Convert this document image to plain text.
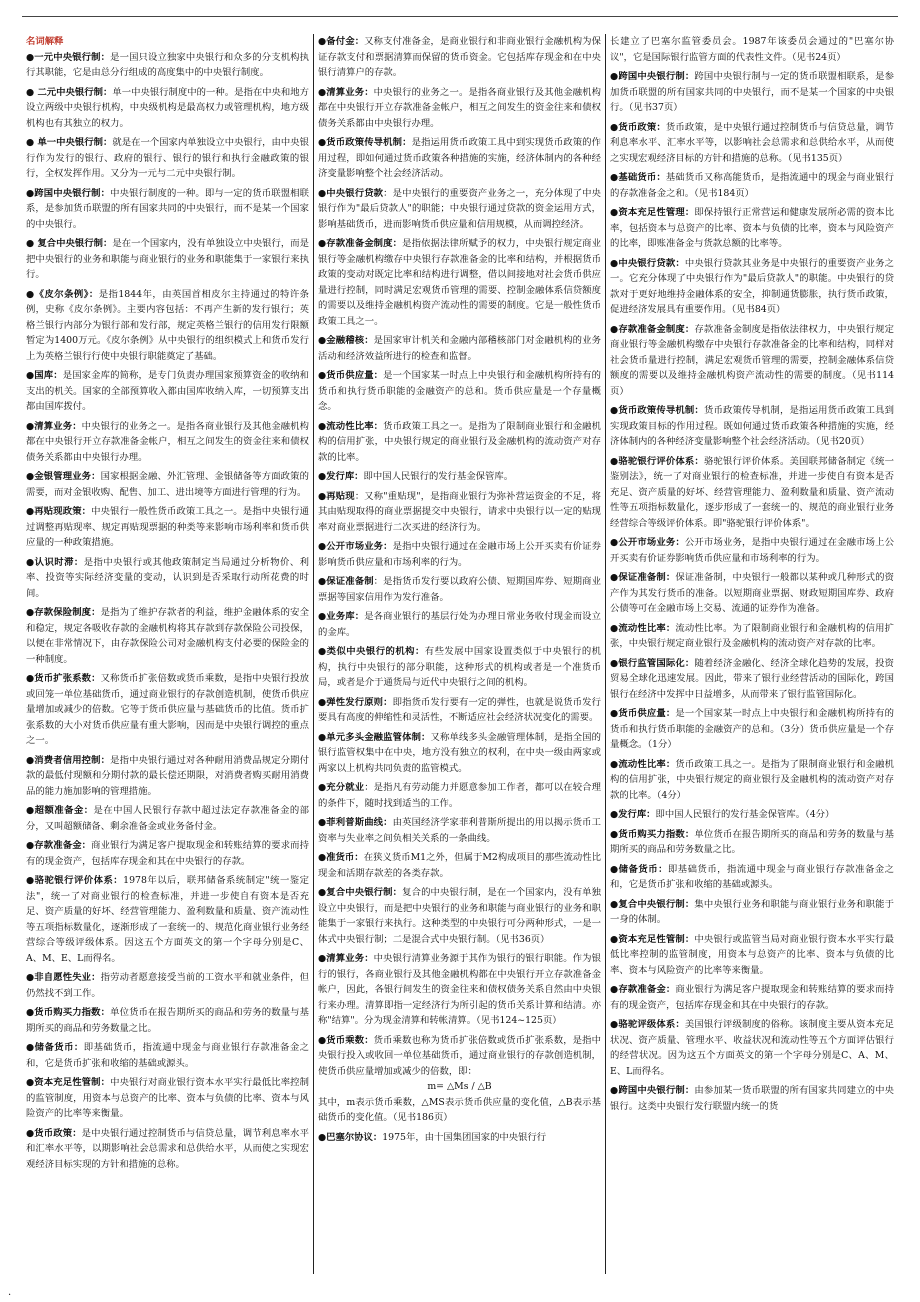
名词解释

●一元中央银行制：是一国只设立独家中央银行和众多的分支机构执行其职能，它是由总分行组成的高度集中的中央银行制度。

● 二元中央银行制：单一中央银行制度中的一种。是指在中央和地方设立两级中央银行机构，中央级机构是最高权力或管理机构，地方级机构也有其独立的权力。

● 单一中央银行制：就是在一个国家内单独设立中央银行，由中央银行作为发行的银行、政府的银行、银行的银行和执行金融政策的银行，全权发挥作用。又分为一元与二元中央银行制。

●跨国中央银行制：中央银行制度的一种。即与一定的货币联盟相联系，是参加货币联盟的所有国家共同的中央银行，而不是某一个国家的中央银行。

● 复合中央银行制：是在一个国家内，没有单独设立中央银行，而是把中央银行的业务和职能与商业银行的业务和职能集于一家银行来执行。

●《皮尔条例》：是指1844年，由英国首相皮尔主持通过的特许条例，史称《皮尔条例》。主要内容包括：不再产生新的发行银行；英格兰银行内部分为银行部和发行部，规定英格兰银行的信用发行限额暂定为1400万元。《皮尔条例》从中央银行的组织模式上和货币发行上为英格兰银行行使中央银行职能奠定了基础。

●国库：是国家金库的简称，是专门负责办理国家预算资金的收纳和支出的机关。国家的全部预算收入都由国库收纳入库，一切预算支出都由国库拨付。

●清算业务：中央银行的业务之一。是指各商业银行及其他金融机构都在中央银行开立存款准备金帐户，相互之间发生的资金往来和债权债务关系都由中央银行办理。

●金银管理业务：国家根据金融、外汇管理、金银储备等方面政策的需要，而对金银收购、配售、加工、进出境等方面进行管理的行为。

●再贴现政策：中央银行一般性货币政策工具之一。是指中央银行通过调整再贴现率、规定再贴现票据的种类等来影响市场利率和货币供应量的一种政策措施。

●认识时滞：是指中央银行或其他政策制定当局通过分析物价、利率、投资等实际经济变量的变动，认识到是否采取行动所花费的时间。

●存款保险制度：是指为了维护存款者的利益，维护金融体系的安全和稳定，规定各吸收存款的金融机构将其存款到存款保险公司投保，以便在非常情况下，由存款保险公司对金融机构支付必要的保险金的一种制度。

●货币扩张系数：又称货币扩张倍数或货币乘数，是指中央银行投放或回笼一单位基础货币，通过商业银行的存款创造机制，使货币供应量增加或减少的倍数。它等于货币供应量与基础货币的比值。货币扩张系数的大小对货币供应量有重大影响，因而是中央银行调控的重点之一。

●消费者信用控制：是指中央银行通过对各种耐用消费品规定分期付款的最低付现额和分期付款的最长偿还期限，对消费者购买耐用消费品的能力施加影响的管理措施。

●超额准备金：是在中国人民银行存款中超过法定存款准备金的部分，又叫超额储备、剩余准备金或业务备付金。

●存款准备金：商业银行为满足客户提取现金和转账结算的要求而持有的现金资产，包括库存现金和其在中央银行的存款。

●骆驼银行评价体系：1978年以后，联邦储备系统制定"统一鉴定法"，统一了对商业银行的检查标准，并进一步使自有资本是否充足、资产质量的好坏、经营管理能力、盈利数量和质量、资产流动性等五项指标数量化，逐渐形成了一套统一的、规范化商业银行业务经营综合等级评级体系。因这五个方面英文的第一个字母分别是C、A、M、E、L而得名。

●非自愿性失业：指劳动者愿意接受当前的工资水平和就业条件，但仍然找不到工作。

●货币购买力指数：单位货币在报告期所买的商品和劳务的数量与基期所买的商品和劳务数量之比。

●储备货币：即基础货币，指流通中现金与商业银行存款准备金之和，它是货币扩张和收缩的基础或源头。

●资本充足性管制：中央银行对商业银行资本水平实行最低比率控制的监管制度，用资本与总资产的比率、资本与负债的比率、资本与风险资产的比率等来衡量。

●货币政策：是中央银行通过控制货币与信贷总量，调节利息率水平和汇率水平等，以期影响社会总需求和总供给水平，从而使之实现宏观经济目标实现的方针和措施的总称。

●备付金：又称支付准备金，是商业银行和非商业银行金融机构为保证存款支付和票据清算而保留的货币资金。它包括库存现金和在中央银行清算户的存款。

●清算业务：中央银行的业务之一。是指各商业银行及其他金融机构都在中央银行开立存款准备金帐户，相互之间发生的资金往来和债权债务关系都由中央银行办理。

●货币政策传导机制：是指运用货币政策工具中到实现货币政策的作用过程，即如何通过货币政策各种措施的实施，经济体制内的各种经济变量影响整个社会经济活动。

●中央银行贷款：是中央银行的重要资产业务之一，充分体现了中央银行作为"最后贷款人"的职能；中央银行通过贷款的资金运用方式，影响基础货币，进而影响货币供应量和信用规模，从而调控经济。

●存款准备金制度：是指依据法律所赋予的权力，中央银行规定商业银行等金融机构缴存中央银行存款准备金的比率和结构，并根据货币政策的变动对既定比率和结构进行调整，借以间接地对社会货币供应量进行控制，同时满足宏观货币管理的需要、控制金融体系信贷额度的需要以及维持金融机构资产流动性的需要的制度。它是一般性货币政策工具之一。

●金融稽核：是国家审计机关和金融内部稽核部门对金融机构的业务活动和经济效益所进行的检查和监督。

●货币供应量：是一个国家某一时点上中央银行和金融机构所持有的货币和执行货币职能的金融资产的总和。货币供应量是一个存量概念。

●流动性比率：货币政策工具之一。是指为了限制商业银行和金融机构的信用扩张，中央银行规定的商业银行及金融机构的流动资产对存款的比率。

●发行库：即中国人民银行的发行基金保管库。

●再贴现：又称"重贴现"，是指商业银行为弥补营运资金的不足，将其由贴现取得的商业票据提交中央银行，请求中央银行以一定的贴现率对商业票据进行二次买进的经济行为。

●公开市场业务：是指中央银行通过在金融市场上公开买卖有价证券影响货币供应量和市场利率的行为。

●保证准备制：是指货币发行要以政府公债、短期国库券、短期商业票据等国家信用作为发行准备。

●业务库：是各商业银行的基层行处为办理日常业务收付现金而设立的金库。

●类似中央银行的机构：有些发展中国家设置类似于中央银行的机构，执行中央银行的部分职能，这种形式的机构或者是一个准货币局，或者是介于通货局与近代中央银行之间的机构。

●弹性发行原则：即指货币发行要有一定的弹性，也就是说货币发行要具有高度的伸缩性和灵活性，不断适应社会经济状况变化的需要。

●单元多头金融监管体制：又称单线多头金融管理体制，是指全国的银行监管权集中在中央，地方没有独立的权利，在中央一级由两家或两家以上机构共同负责的监管模式。

●充分就业：是指凡有劳动能力并愿意参加工作者，都可以在较合理的条件下，随时找到适当的工作。

●菲利普斯曲线：由英国经济学家菲利普斯所提出的用以揭示货币工资率与失业率之间负相关关系的一条曲线。

●准货币：在狭义货币M1之外，但属于M2构成项目的那些流动性比现金和活期存款差的各类存款。

●复合中央银行制：复合的中央银行制，是在一个国家内，没有单独设立中央银行，而是把中央银行的业务和职能与商业银行的业务和职能集于一家银行来执行。这种类型的中央银行可分两种形式，一是一体式中央银行制；二是混合式中央银行制。（见书36页）

●清算业务：中央银行清算业务源于其作为银行的银行职能。作为银行的银行，各商业银行及其他金融机构都在中央银行开立存款准备金帐户，因此，各银行间发生的资金往来和债权债务关系自然由中央银行来办理。清算即指一定经济行为所引起的货币关系计算和结清。亦称"结算"。分为现金清算和转帐清算。（见书124~125页）

●货币乘数：货币乘数也称为货币扩张倍数或货币扩张系数，是指中央银行投入或收回一单位基础货币，通过商业银行的存款创造机制，使货币供应量增加或减少的倍数，即：

m= △Ms / △B

其中，m表示货币乘数，△MS表示货币供应量的变化值，△B表示基础货币的变化值。（见书186页）

●巴塞尔协议：1975年，由十国集团国家的中央银行行

长建立了巴塞尔监管委员会。1987年该委员会通过的"巴塞尔协议"，它是国际银行监管方面的代表性文件。（见书24页）

●跨国中央银行制：跨国中央银行制与一定的货币联盟相联系，是参加货币联盟的所有国家共同的中央银行，而不是某一个国家的中央银行。（见书37页）

●货币政策：货币政策，是中央银行通过控制货币与信贷总量，调节利息率水平、汇率水平等，以影响社会总需求和总供给水平，从而使之实现宏观经济目标的方针和措施的总称。（见书135页）

●基础货币：基础货币又称高能货币，是指流通中的现金与商业银行的存款准备金之和。（见书184页）

●资本充足性管理：即保持银行正常营运和健康发展所必需的资本比率，包括资本与总资产的比率、资本与负债的比率，资本与风险资产的比率，即账准备金与货款总额的比率等。

●中央银行贷款：中央银行贷款其业务是中央银行的重要资产业务之一。它充分体现了中央银行作为"最后贷款人"的职能。中央银行的贷款对于更好地维持金融体系的安全，抑制通货膨胀，执行货币政策，促进经济发展具有重要作用。（见书84页）

●存款准备金制度：存款准备金制度是指依法律权力，中央银行规定商业银行等金融机构缴存中央银行存款准备金的比率和结构，同样对社会货币量进行控制，满足宏观货币管理的需要，控制金融体系信贷额度的需要以及维持金融机构资产流动性的需要的制度。（见书114页）

●货币政策传导机制：货币政策传导机制，是指运用货币政策工具到实现政策目标的作用过程。既如何通过货币政策各种措施的实施，经济体制内的各种经济变量影响整个社会经济活动。（见书20页）

●骆驼银行评价体系：骆驼银行评价体系。美国联邦储备制定《统一鉴别法》，统一了对商业银行的检查标准，并进一步使自有资本是否充足、资产质量的好坏、经营管理能力、盈利数量和质量、资产流动性等五项指标数量化，逐步形成了一套统一的、规范的商业银行业务经营综合等级评价体系。即"骆驼银行评价体系"。

●公开市场业务：公开市场业务，是指中央银行通过在金融市场上公开买卖有价证券影响货币供应量和市场利率的行为。

●保证准备制：保证准备制，中央银行一般都以某种或几种形式的资产作为其发行货币的准备。以短期商业票据、财政短期国库券、政府公债等可在金融市场上交易、流通的证券作为准备。

●流动性比率：流动性比率。为了限制商业银行和金融机构的信用扩张，中央银行规定商业银行及金融机构的流动资产对存款的比率。

●银行监管国际化：随着经济金融化、经济全球化趋势的发展，投资贸易全球化迅速发展。因此，带来了银行业经营活动的国际化，跨国银行在经济中发挥中日益增多，从而带来了银行监管国际化。

●货币供应量：是一个国家某一时点上中央银行和金融机构所持有的货币和执行货币职能的金融资产的总和。（3分）货币供应量是一个存量概念。（1分）

●流动性比率：货币政策工具之一。是指为了限制商业银行和金融机构的信用扩张，中央银行规定的商业银行及金融机构的流动资产对存款的比率。（4分）

●发行库：即中国人民银行的发行基金保管库。（4分）

●货币购买力指数：单位货币在报告期所买的商品和劳务的数量与基期所买的商品和劳务数量之比。

●储备货币：即基础货币，指流通中现金与商业银行存款准备金之和，它是货币扩张和收缩的基础或源头。

●复合中央银行制：集中央银行业务和职能与商业银行业务和职能于一身的体制。

●资本充足性管制：中央银行或监管当局对商业银行资本水平实行最低比率控制的监管制度，用资本与总资产的比率、资本与负债的比率、资本与风险资产的比率等来衡量。

●存款准备金：商业银行为满足客户提取现金和转账结算的要求而持有的现金资产，包括库存现金和其在中央银行的存款。

●骆驼评级体系：美国银行评级制度的俗称。该制度主要从资本充足状况、资产质量、管理水平、收益状况和流动性等五个方面评估银行的经营状况。因为这五个方面英文的第一个字母分别是C、A、M、E、L而得名。

●跨国中央银行制：由参加某一货币联盟的所有国家共同建立的中央银行。这类中央银行发行联盟内统一的货

.
